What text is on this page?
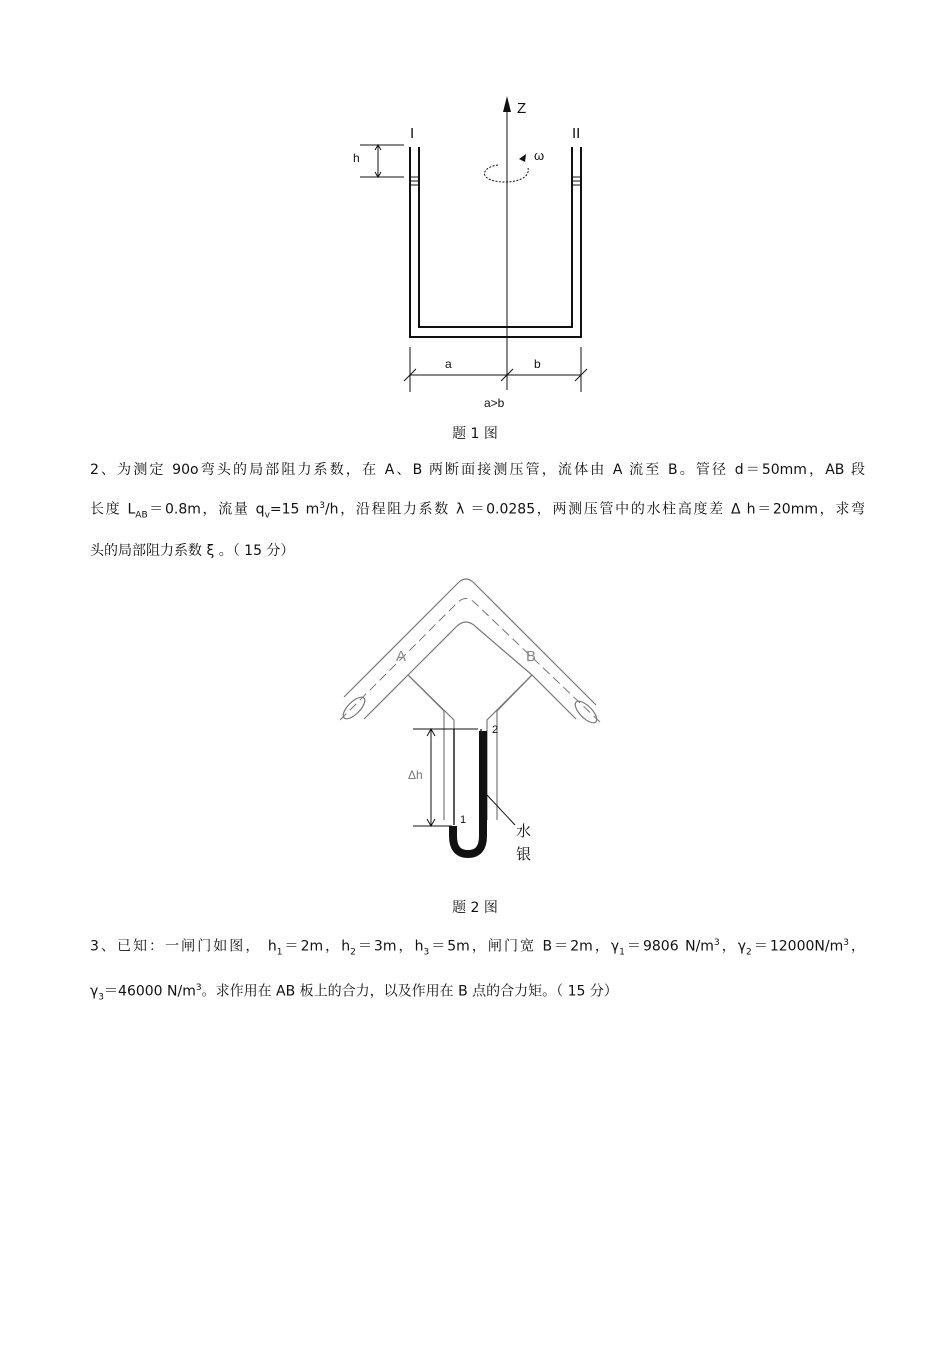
Z
I	II
h	ω
a	b
a>b
题 1 图
2、为测定 90o弯头的局部阻力系数，在 A、B 两断面接测压管，流体由 A 流至 B。管径 d＝50mm，AB 段
长度 $L_{AB}=0.8m$，流量 $q_v=15$ $m^3/h$，沿程阻力系数 λ ＝0.0285，两测压管中的水柱高度差 Δ h＝20mm，求弯
头的局部阻力系数 ξ 。（ 15 分）
A	B
Δh
1
2
水
银
题 2 图
3、已知：一闸门如图， $h_1=2m$，$h_2=3m$，$h_3=5m$，闸门宽 B＝2m，$\gamma_1=9806$ $N/m^3$，$\gamma_2=12000N/m^3$，
$\gamma_3=46000$ $N/m^3$。求作用在 AB 板上的合力，以及作用在 B 点的合力矩。（ 15 分）
